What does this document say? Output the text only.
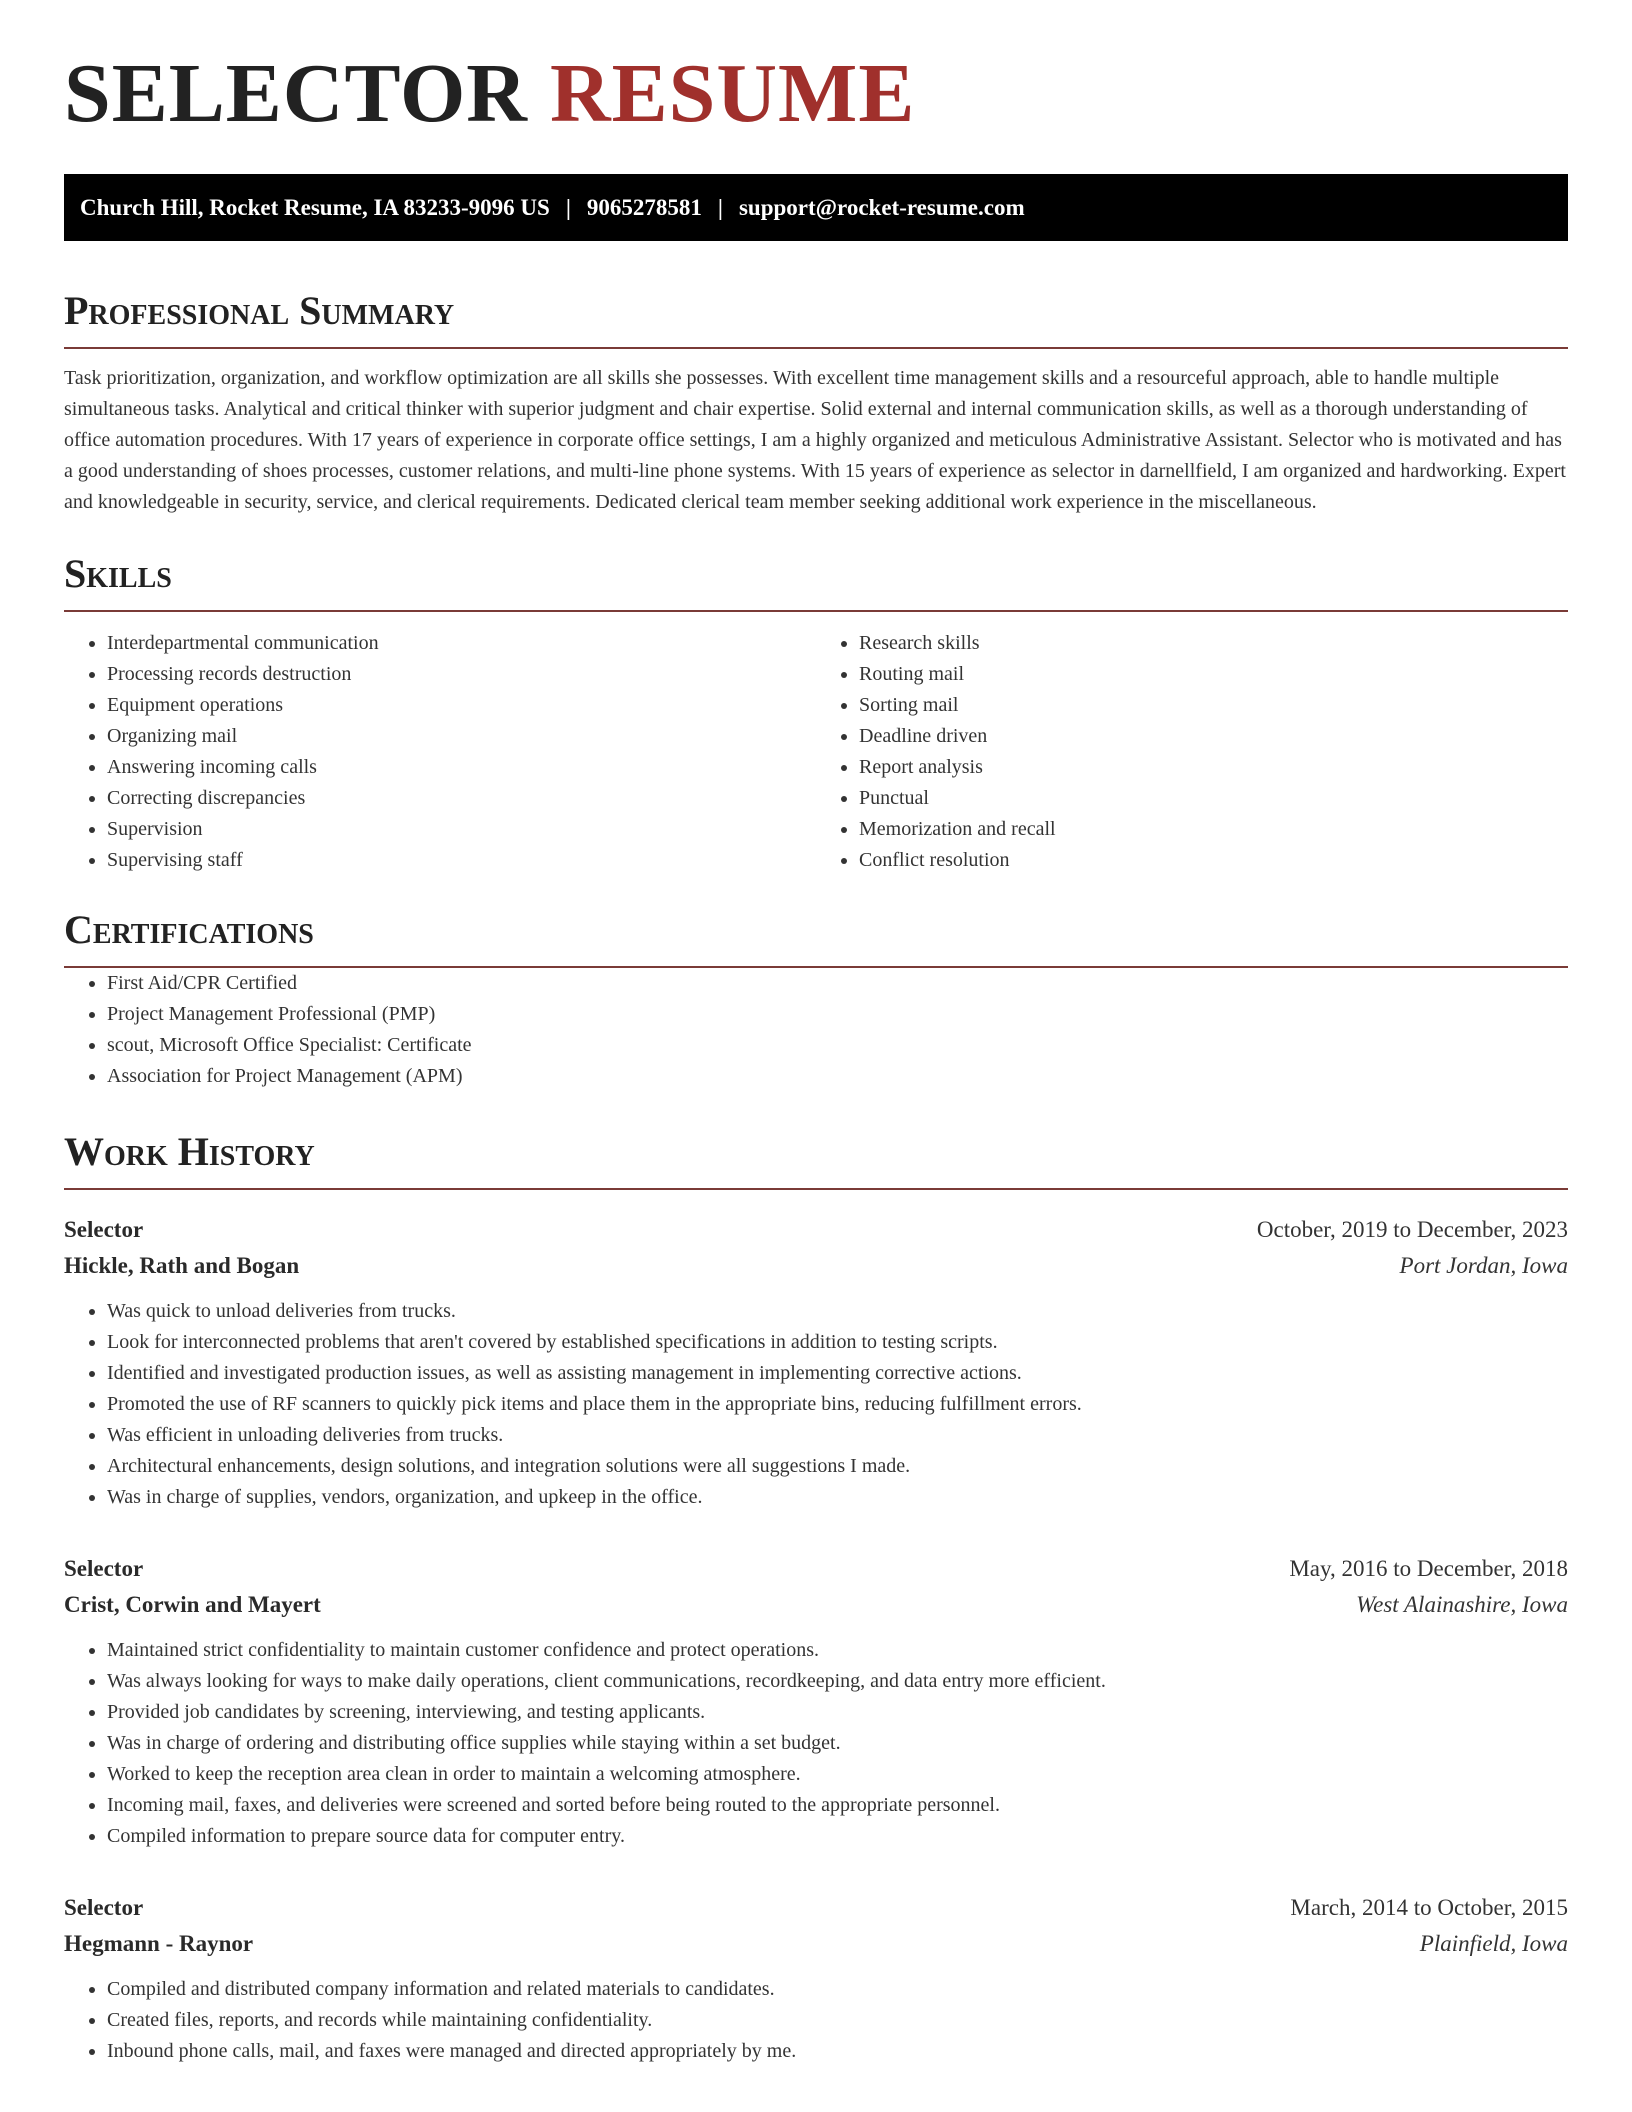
SELECTOR RESUME
Church Hill, Rocket Resume, IA 83233-9096 US | 9065278581 | support@rocket-resume.com
Professional Summary

Task prioritization, organization, and workflow optimization are all skills she possesses. With excellent time management skills and a resourceful approach, able to handle multiple simultaneous tasks. Analytical and critical thinker with superior judgment and chair expertise. Solid external and internal communication skills, as well as a thorough understanding of office automation procedures. With 17 years of experience in corporate office settings, I am a highly organized and meticulous Administrative Assistant. Selector who is motivated and has a good understanding of shoes processes, customer relations, and multi-line phone systems. With 15 years of experience as selector in darnellfield, I am organized and hardworking. Expert and knowledgeable in security, service, and clerical requirements. Dedicated clerical team member seeking additional work experience in the miscellaneous.

Skills
• Interdepartmental communication
• Processing records destruction
• Equipment operations
• Organizing mail
• Answering incoming calls
• Correcting discrepancies
• Supervision
• Supervising staff
• Research skills
• Routing mail
• Sorting mail
• Deadline driven
• Report analysis
• Punctual
• Memorization and recall
• Conflict resolution
Certifications
• First Aid/CPR Certified
• Project Management Professional (PMP)
• scout, Microsoft Office Specialist: Certificate
• Association for Project Management (APM)
Work History
Selector	October, 2019 to December, 2023
Hickle, Rath and Bogan	Port Jordan, Iowa
• Was quick to unload deliveries from trucks.
• Look for interconnected problems that aren't covered by established specifications in addition to testing scripts.
• Identified and investigated production issues, as well as assisting management in implementing corrective actions.
• Promoted the use of RF scanners to quickly pick items and place them in the appropriate bins, reducing fulfillment errors.
• Was efficient in unloading deliveries from trucks.
• Architectural enhancements, design solutions, and integration solutions were all suggestions I made.
• Was in charge of supplies, vendors, organization, and upkeep in the office.
Selector	May, 2016 to December, 2018
Crist, Corwin and Mayert	West Alainashire, Iowa
• Maintained strict confidentiality to maintain customer confidence and protect operations.
• Was always looking for ways to make daily operations, client communications, recordkeeping, and data entry more efficient.
• Provided job candidates by screening, interviewing, and testing applicants.
• Was in charge of ordering and distributing office supplies while staying within a set budget.
• Worked to keep the reception area clean in order to maintain a welcoming atmosphere.
• Incoming mail, faxes, and deliveries were screened and sorted before being routed to the appropriate personnel.
• Compiled information to prepare source data for computer entry.
Selector	March, 2014 to October, 2015
Hegmann - Raynor	Plainfield, Iowa
• Compiled and distributed company information and related materials to candidates.
• Created files, reports, and records while maintaining confidentiality.
• Inbound phone calls, mail, and faxes were managed and directed appropriately by me.
